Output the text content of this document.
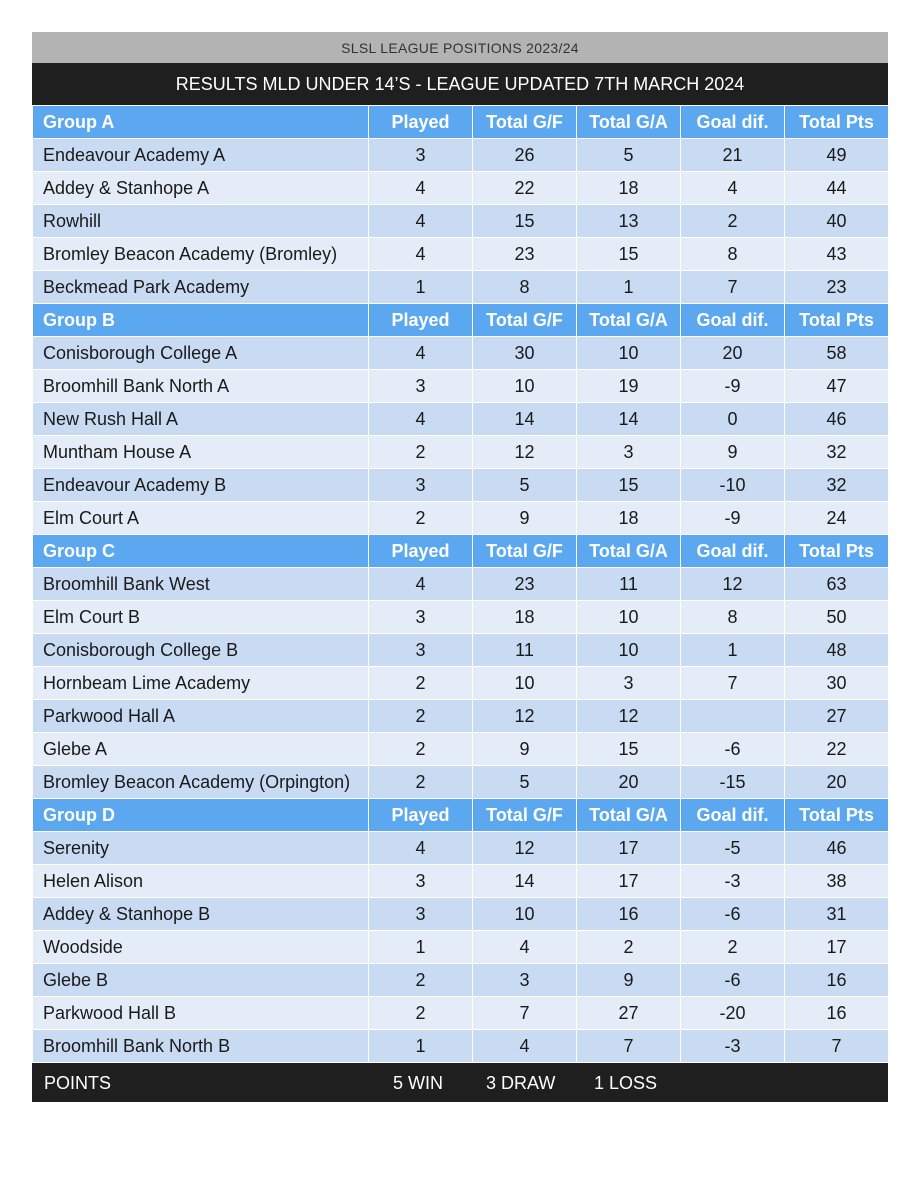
SLSL LEAGUE POSITIONS 2023/24
RESULTS MLD UNDER 14’S - LEAGUE UPDATED 7TH MARCH 2024
Group A	Played	Total G/F	Total G/A	Goal dif.	Total Pts
Endeavour Academy A	3	26	5	21	49
Addey & Stanhope A	4	22	18	4	44
Rowhill	4	15	13	2	40
Bromley Beacon Academy (Bromley)	4	23	15	8	43
Beckmead Park Academy	1	8	1	7	23
Group B	Played	Total G/F	Total G/A	Goal dif.	Total Pts
Conisborough College A	4	30	10	20	58
Broomhill Bank North A	3	10	19	-9	47
New Rush Hall A	4	14	14	0	46
Muntham House A	2	12	3	9	32
Endeavour Academy B	3	5	15	-10	32
Elm Court A	2	9	18	-9	24
Group C	Played	Total G/F	Total G/A	Goal dif.	Total Pts
Broomhill Bank West	4	23	11	12	63
Elm Court B	3	18	10	8	50
Conisborough College B	3	11	10	1	48
Hornbeam Lime Academy	2	10	3	7	30
Parkwood Hall A	2	12	12		27
Glebe A	2	9	15	-6	22
Bromley Beacon Academy (Orpington)	2	5	20	-15	20
Group D	Played	Total G/F	Total G/A	Goal dif.	Total Pts
Serenity	4	12	17	-5	46
Helen Alison	3	14	17	-3	38
Addey & Stanhope B	3	10	16	-6	31
Woodside	1	4	2	2	17
Glebe B	2	3	9	-6	16
Parkwood Hall B	2	7	27	-20	16
Broomhill Bank North B	1	4	7	-3	7
POINTS	5 WIN 3 DRAW 1 LOSS
